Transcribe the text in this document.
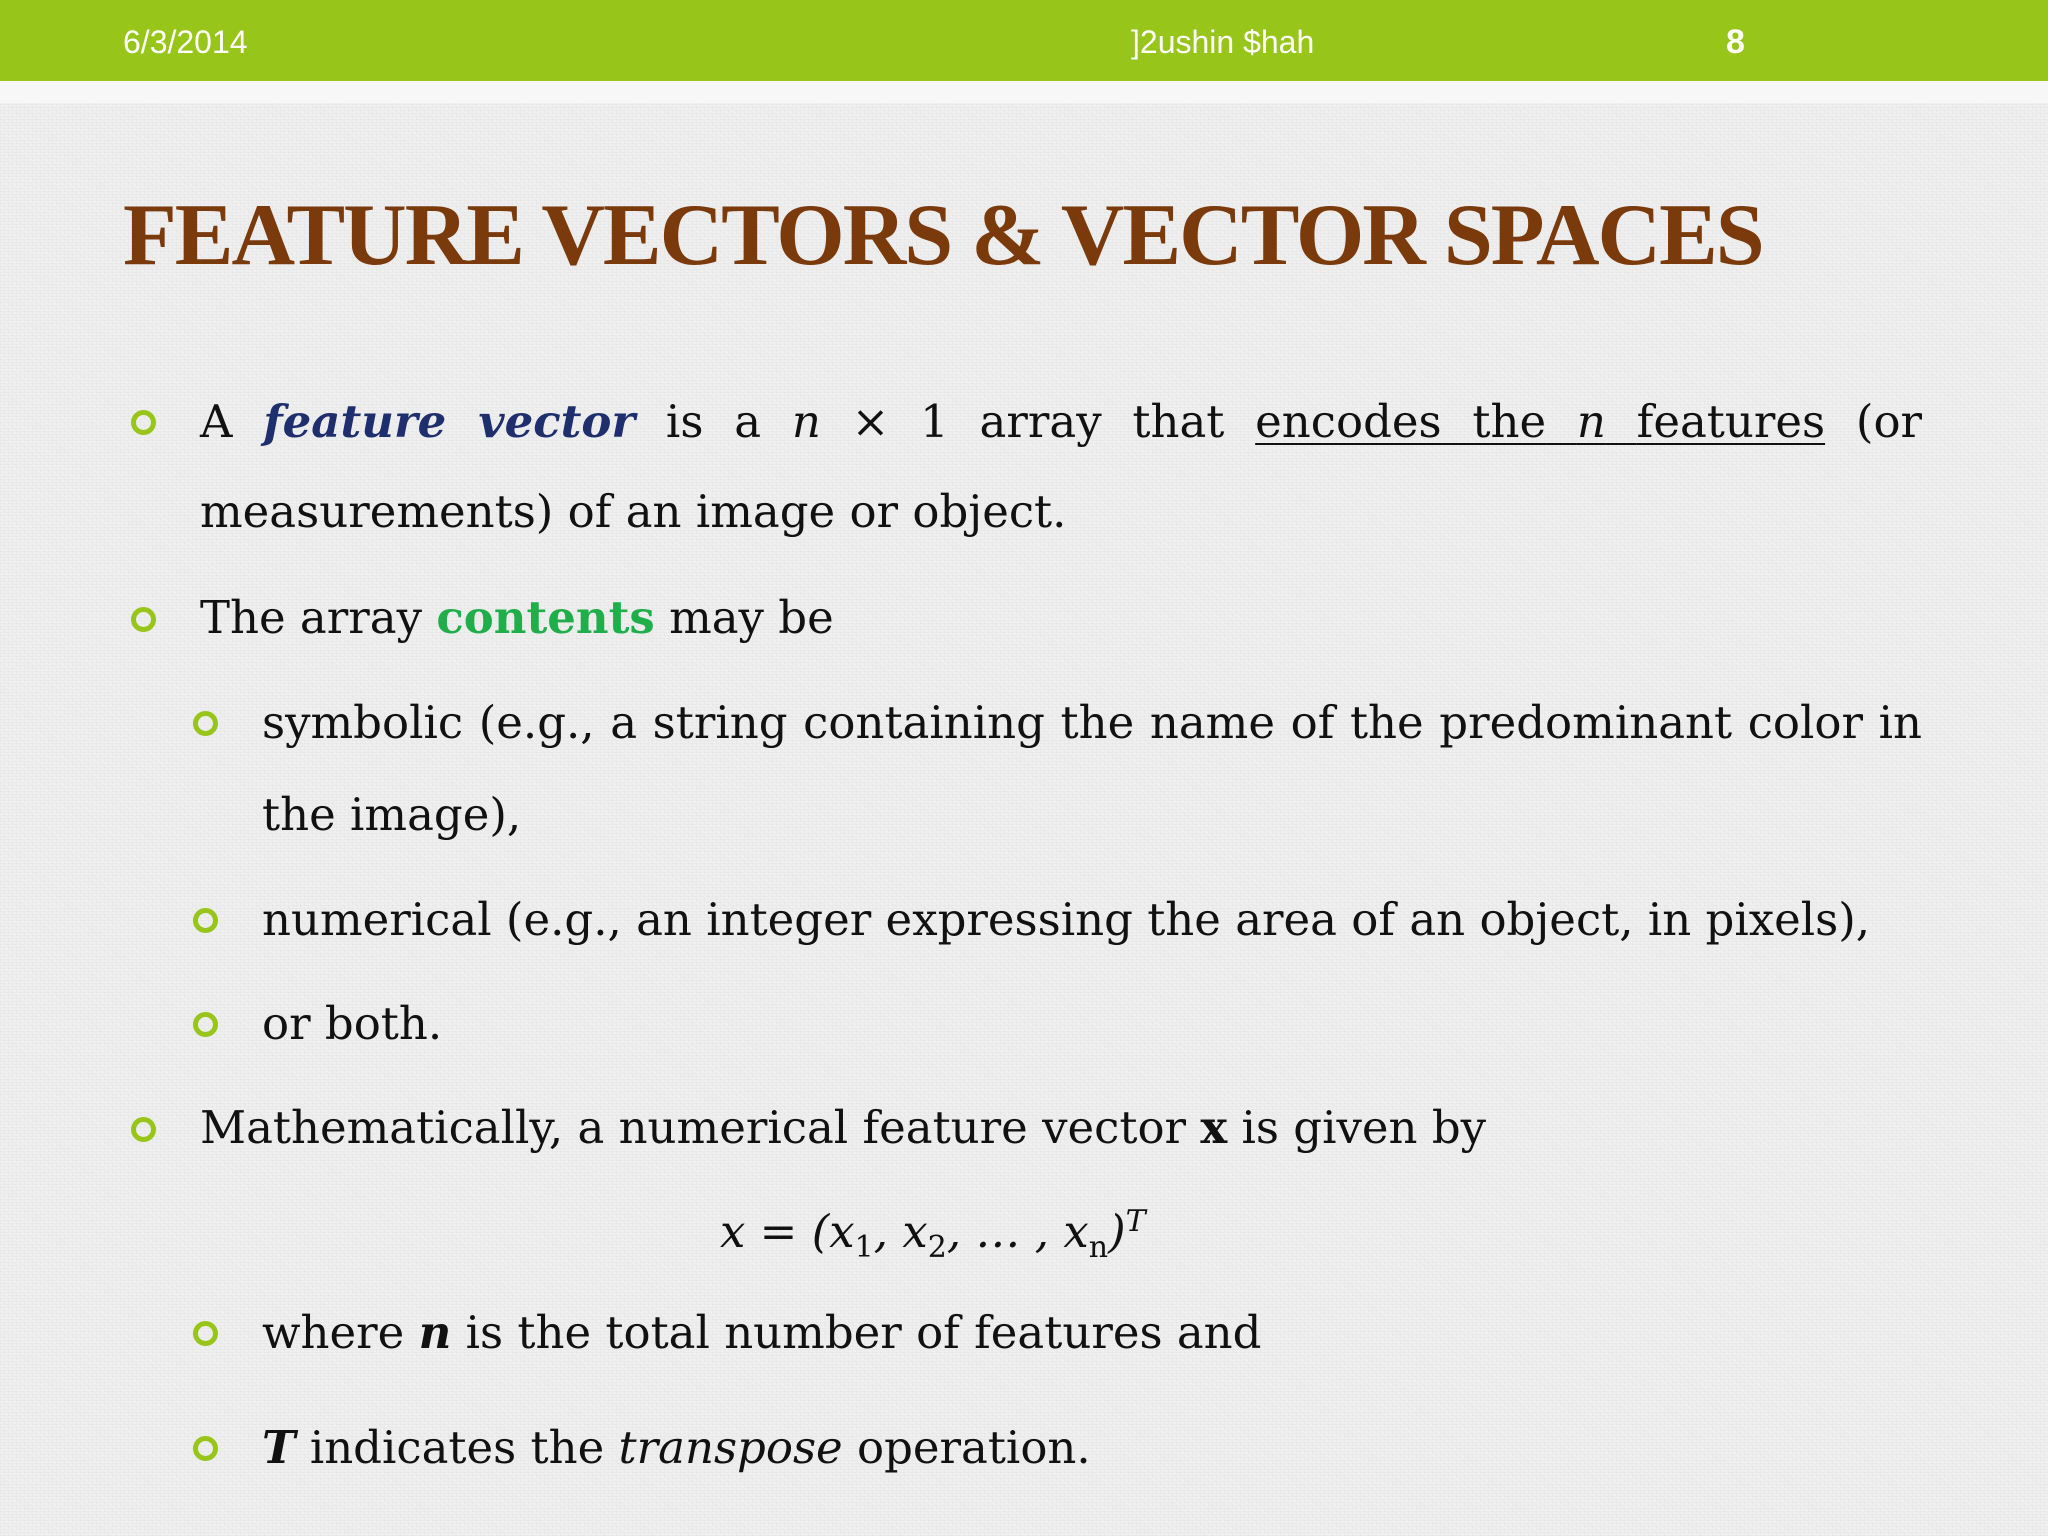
6/3/2014	]2ushin $hah	8
FEATURE VECTORS & VECTOR SPACES
A feature vector is a n × 1 array that encodes the n features (or
measurements) of an image or object.
The array contents may be
symbolic (e.g., a string containing the name of the predominant color in
the image),
numerical (e.g., an integer expressing the area of an object, in pixels),
or both.
Mathematically, a numerical feature vector x is given by
$x = (x_1$, $x_2$, … , $x_n)^T$
where n is the total number of features and
T indicates the transpose operation.
